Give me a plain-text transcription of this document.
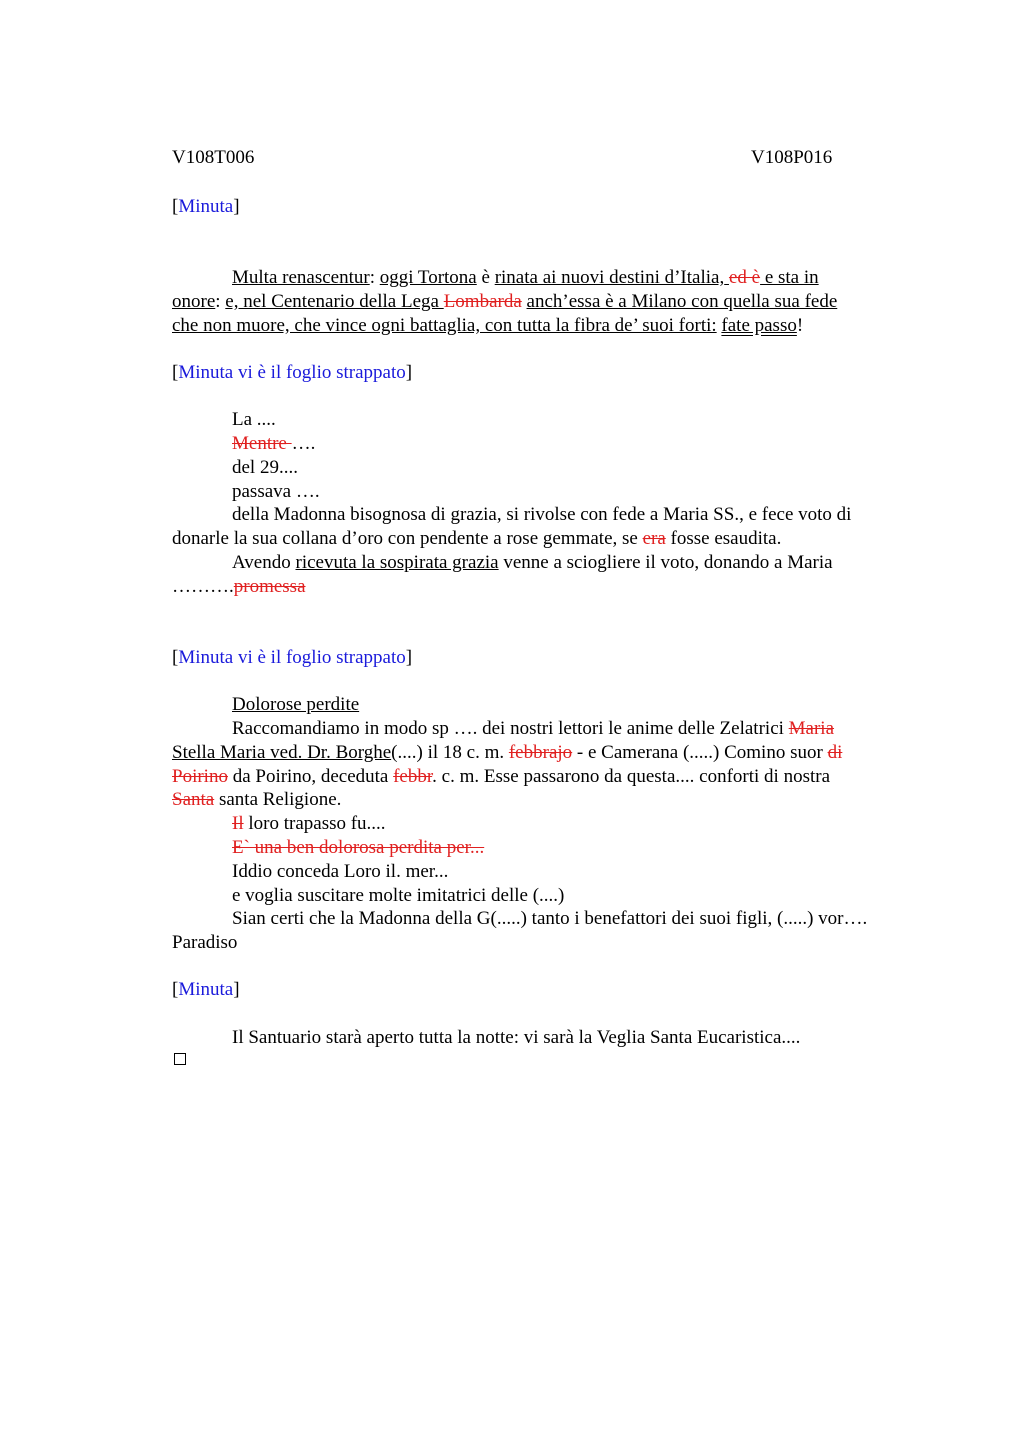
V108T006	V108P016
[Minuta]
Multa renascentur: oggi Tortona è rinata ai nuovi destini d’Italia, ed è e sta in
onore: e, nel Centenario della Lega Lombarda anch’essa è a Milano con quella sua fede
che non muore, che vince ogni battaglia, con tutta la fibra de’ suoi forti: fate passo!
[Minuta vi è il foglio strappato]
La ....
Mentre ….
del 29....
passava ….
della Madonna bisognosa di grazia, si rivolse con fede a Maria SS., e fece voto di
donarle la sua collana d’oro con pendente a rose gemmate, se era fosse esaudita.
Avendo ricevuta la sospirata grazia venne a sciogliere il voto, donando a Maria
……….promessa
[Minuta vi è il foglio strappato]
Dolorose perdite
Raccomandiamo in modo sp …. dei nostri lettori le anime delle Zelatrici Maria
Stella Maria ved. Dr. Borghe(....) il 18 c. m. febbrajo - e Camerana (.....) Comino suor di
Poirino da Poirino, deceduta febbr. c. m. Esse passarono da questa.... conforti di nostra
Santa santa Religione.
Il loro trapasso fu....
E` una ben dolorosa perdita per...
Iddio conceda Loro il. mer...
e voglia suscitare molte imitatrici delle (....)
Sian certi che la Madonna della G(.....) tanto i benefattori dei suoi figli, (.....) vor….
Paradiso
[Minuta]
Il Santuario starà aperto tutta la notte: vi sarà la Veglia Santa Eucaristica....
